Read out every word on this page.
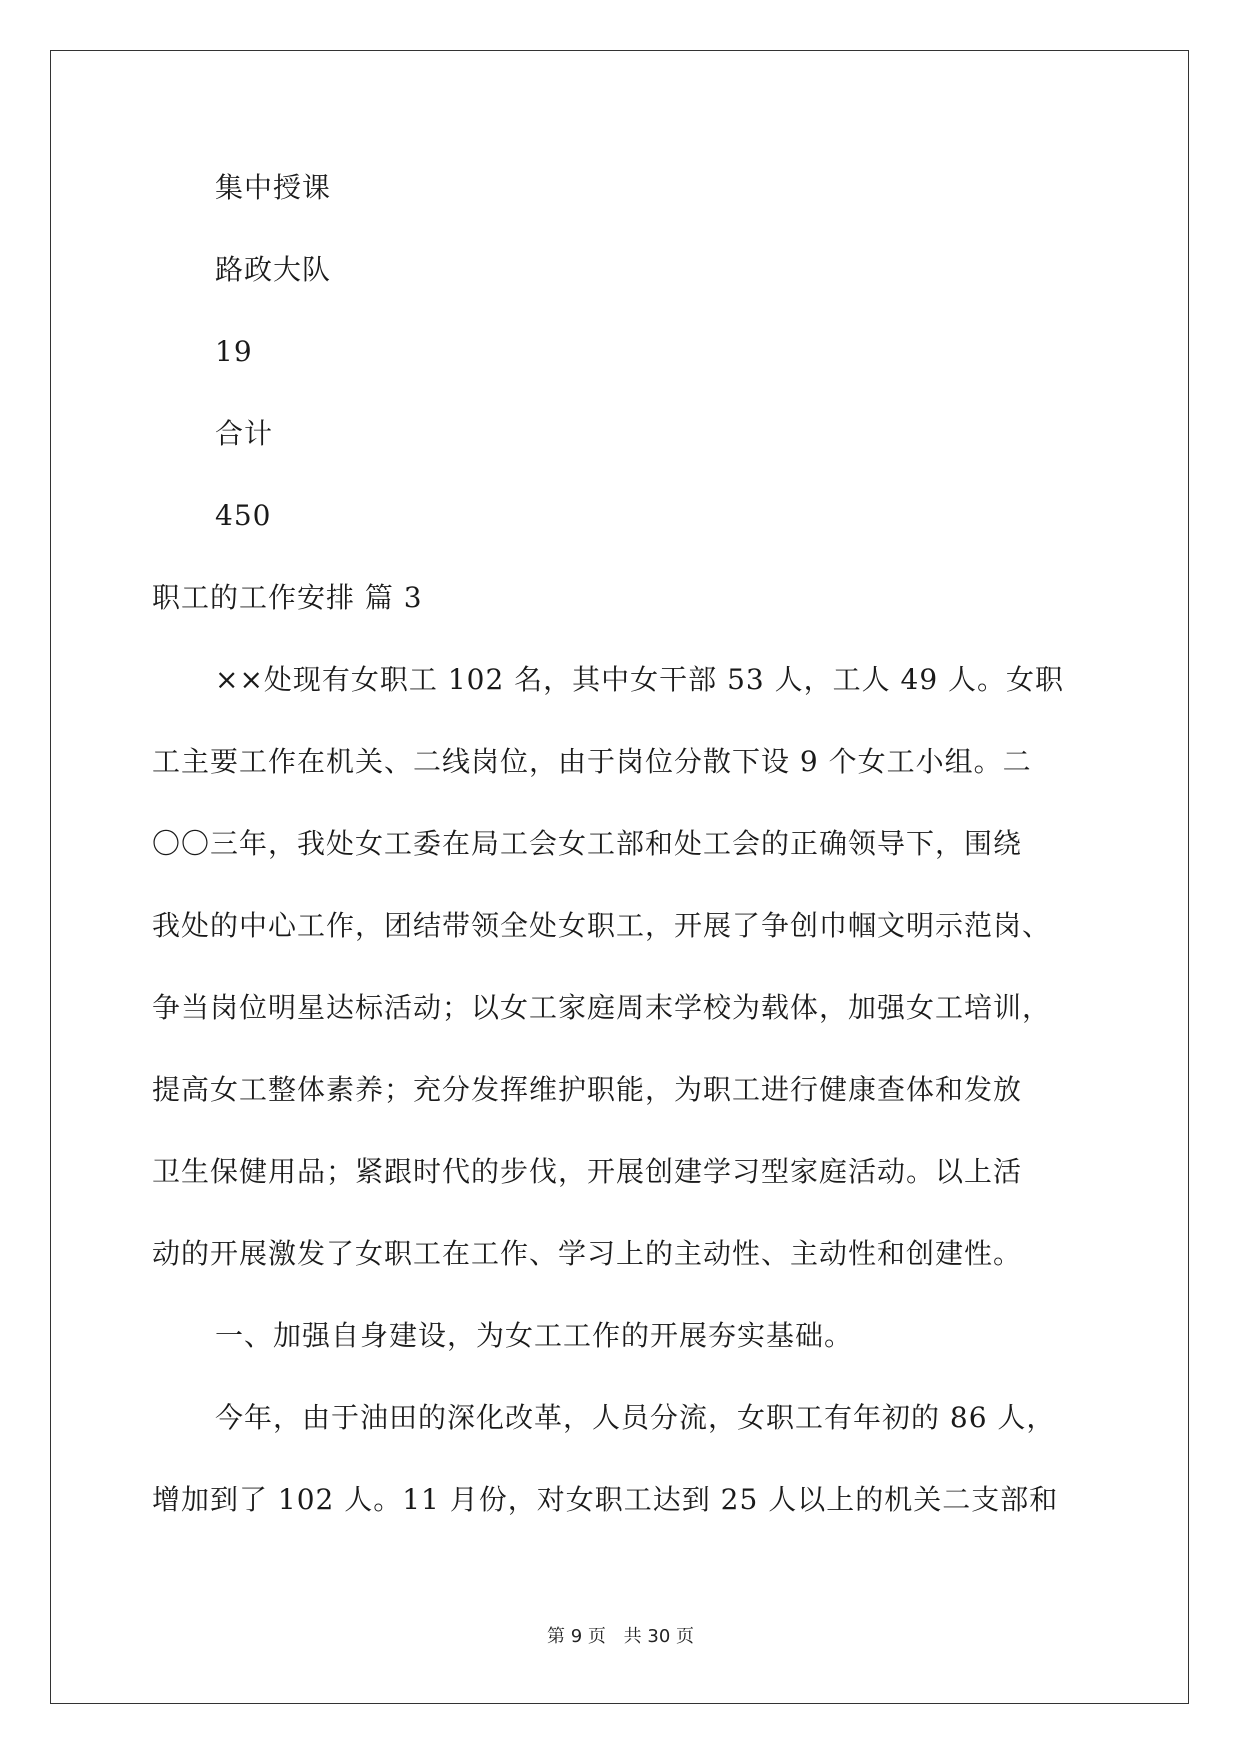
集中授课
路政大队
19
合计
450
职工的工作安排 篇 3
××处现有女职工 102 名，其中女干部 53 人，工人 49 人。女职
工主要工作在机关、二线岗位，由于岗位分散下设 9 个女工小组。二
〇〇三年，我处女工委在局工会女工部和处工会的正确领导下，围绕
我处的中心工作，团结带领全处女职工，开展了争创巾帼文明示范岗、
争当岗位明星达标活动；以女工家庭周末学校为载体，加强女工培训，
提高女工整体素养；充分发挥维护职能，为职工进行健康查体和发放
卫生保健用品；紧跟时代的步伐，开展创建学习型家庭活动。以上活
动的开展激发了女职工在工作、学习上的主动性、主动性和创建性。
一、加强自身建设，为女工工作的开展夯实基础。
今年，由于油田的深化改革，人员分流，女职工有年初的 86 人，
增加到了 102 人。11 月份，对女职工达到 25 人以上的机关二支部和
第 9 页 共 30 页
